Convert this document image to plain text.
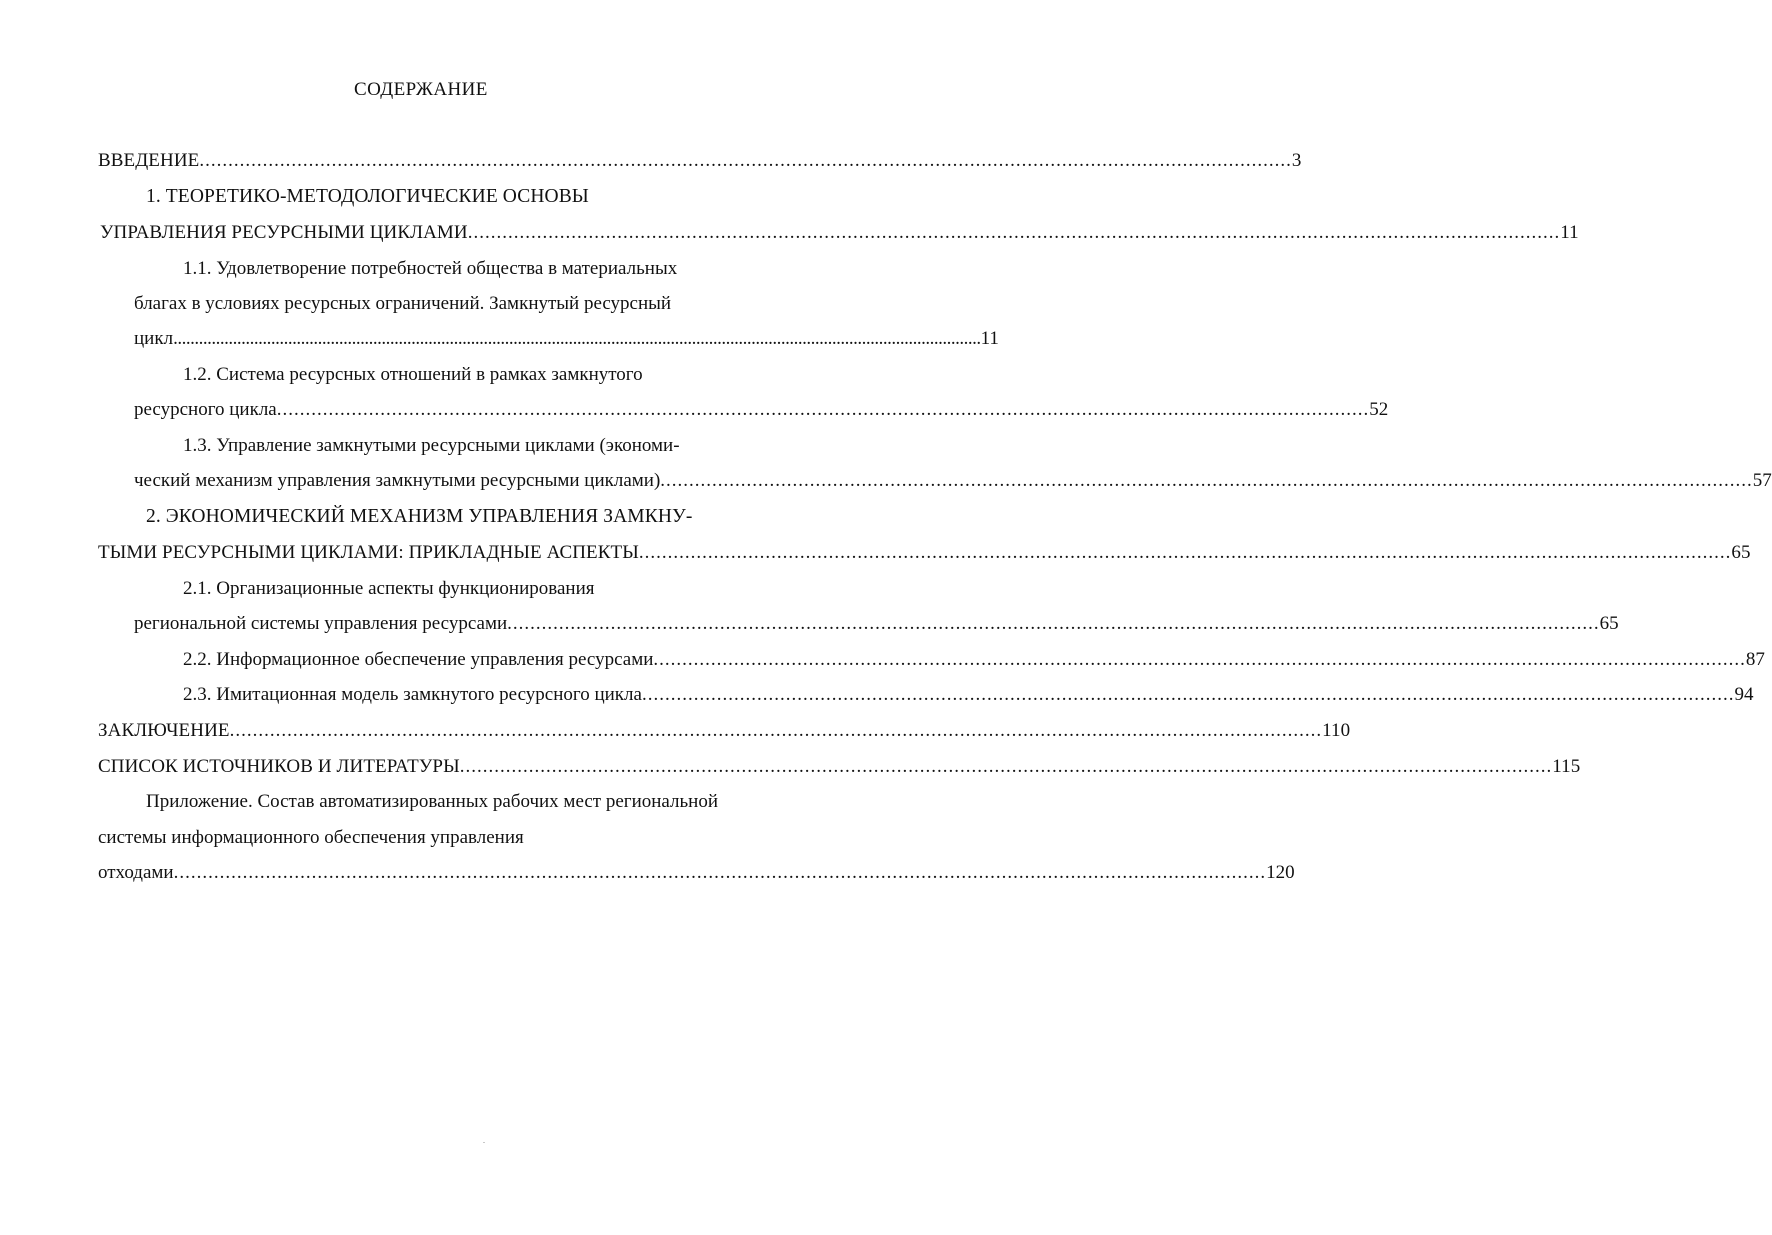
СОДЕРЖАНИЕ
ВВЕДЕНИЕ .............................................................................................................................................................................................. 3
1. ТЕОРЕТИКО-МЕТОДОЛОГИЧЕСКИЕ ОСНОВЫ
УПРАВЛЕНИЯ РЕСУРСНЫМИ ЦИКЛАМИ .............................................................................................................................................................................................. 11
1.1. Удовлетворение потребностей общества в материальных
благах в условиях ресурсных ограничений. Замкнутый ресурсный
цикл .............................................................................................................................................................................................. 11
1.2. Система ресурсных отношений в рамках замкнутого
ресурсного цикла .............................................................................................................................................................................................. 52
1.3. Управление замкнутыми ресурсными циклами (экономи-
ческий механизм управления замкнутыми ресурсными циклами) .............................................................................................................................................................................................. 57
2. ЭКОНОМИЧЕСКИЙ МЕХАНИЗМ УПРАВЛЕНИЯ ЗАМКНУ-
ТЫМИ РЕСУРСНЫМИ ЦИКЛАМИ: ПРИКЛАДНЫЕ АСПЕКТЫ .............................................................................................................................................................................................. 65
2.1. Организационные аспекты функционирования
региональной системы управления ресурсами .............................................................................................................................................................................................. 65
2.2. Информационное обеспечение управления ресурсами .............................................................................................................................................................................................. 87
2.3. Имитационная модель замкнутого ресурсного цикла .............................................................................................................................................................................................. 94
ЗАКЛЮЧЕНИЕ .............................................................................................................................................................................................. 110
СПИСОК ИСТОЧНИКОВ И ЛИТЕРАТУРЫ .............................................................................................................................................................................................. 115
Приложение. Состав автоматизированных рабочих мест региональной
системы информационного обеспечения управления
отходами .............................................................................................................................................................................................. 120
